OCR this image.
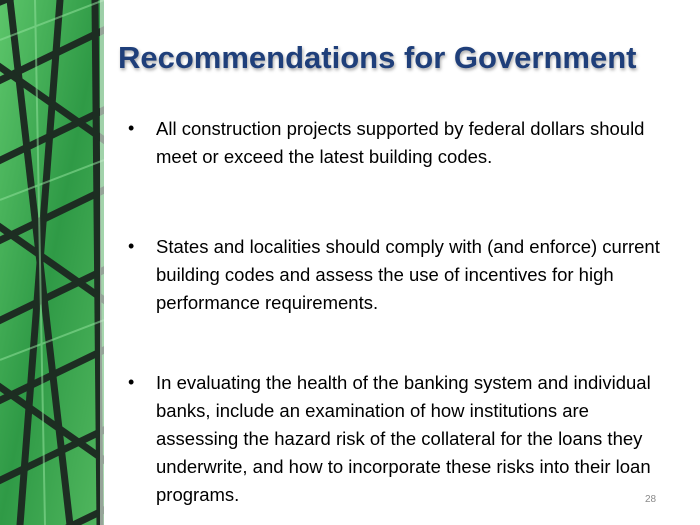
Recommendations for Government
•	All construction projects supported by federal dollars should meet or exceed the latest building codes.
•	States and localities should comply with (and enforce) current building codes and assess the use of incentives for high performance requirements.
•	In evaluating the health of the banking system and individual banks, include an examination of how institutions are assessing the hazard risk of the collateral for the loans they underwrite, and how to incorporate these risks into their loan programs.	28
